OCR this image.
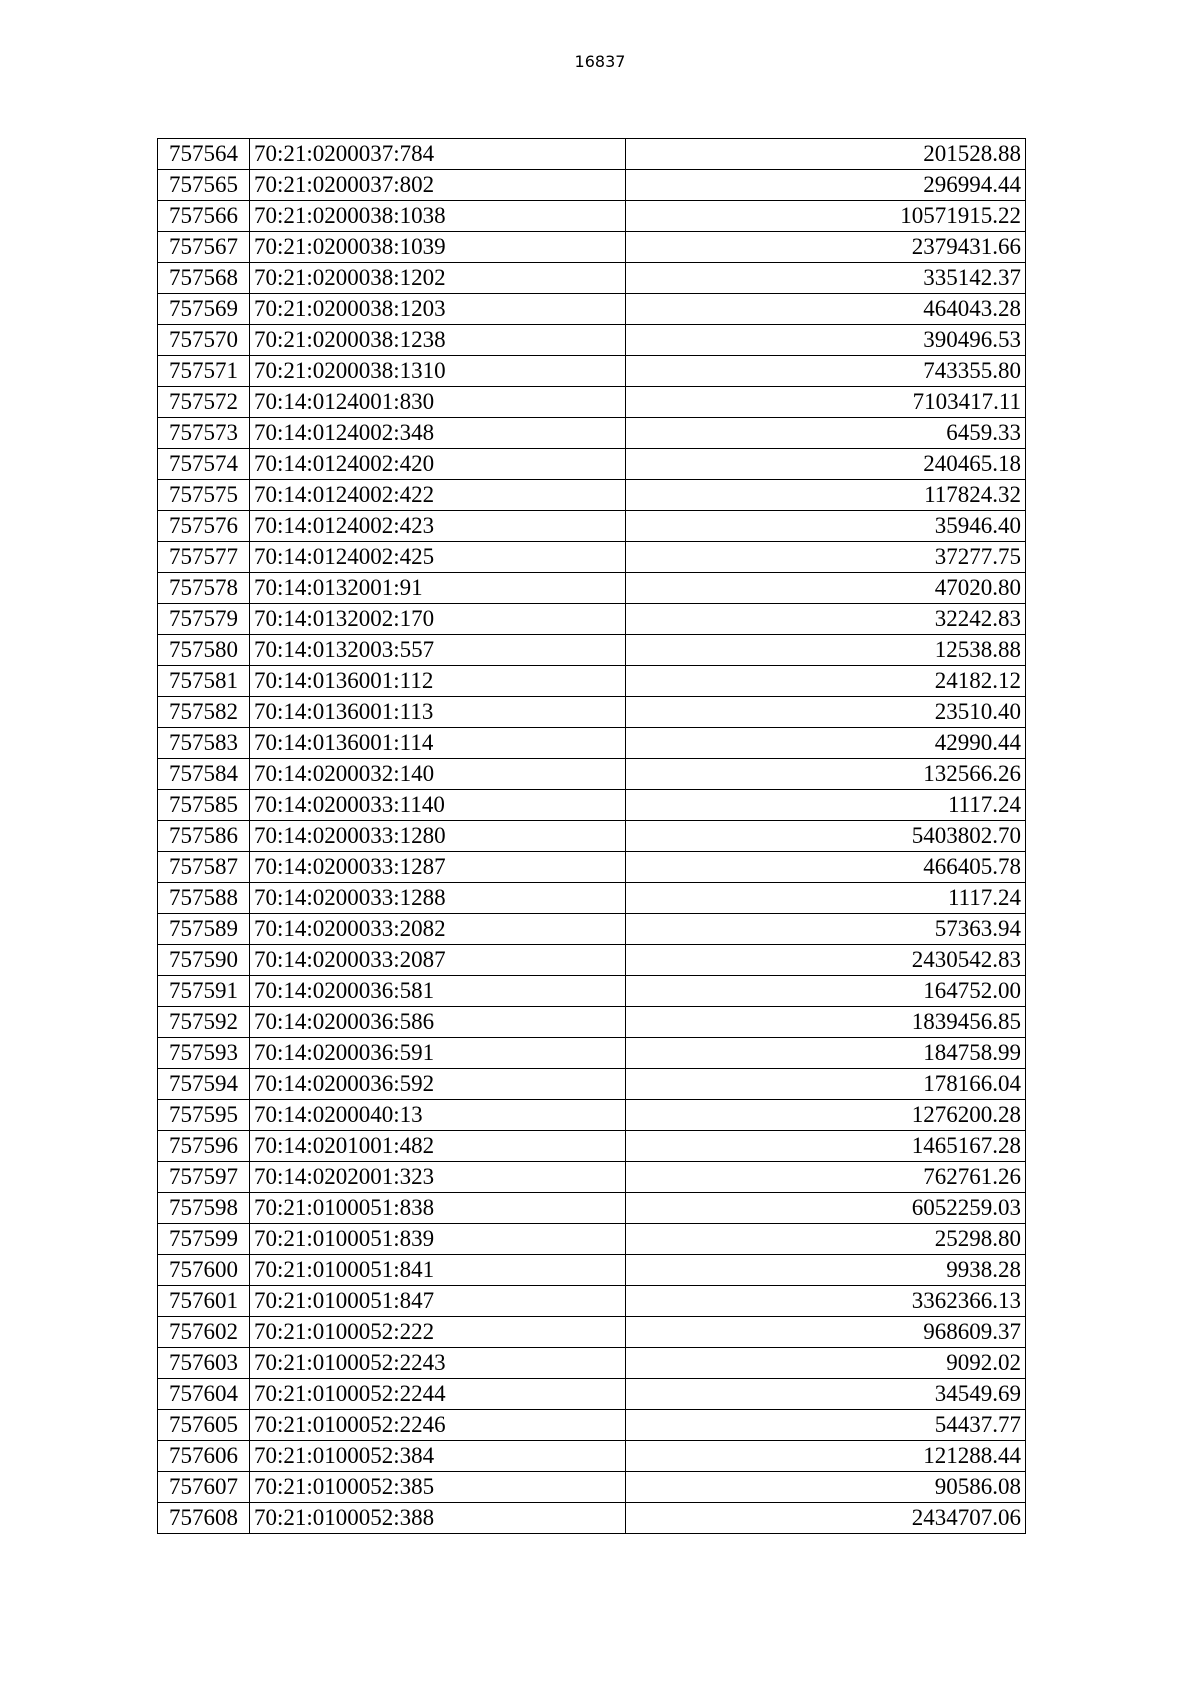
16837
757564	70:21:0200037:784	201528.88
757565	70:21:0200037:802	296994.44
757566	70:21:0200038:1038	10571915.22
757567	70:21:0200038:1039	2379431.66
757568	70:21:0200038:1202	335142.37
757569	70:21:0200038:1203	464043.28
757570	70:21:0200038:1238	390496.53
757571	70:21:0200038:1310	743355.80
757572	70:14:0124001:830	7103417.11
757573	70:14:0124002:348	6459.33
757574	70:14:0124002:420	240465.18
757575	70:14:0124002:422	117824.32
757576	70:14:0124002:423	35946.40
757577	70:14:0124002:425	37277.75
757578	70:14:0132001:91	47020.80
757579	70:14:0132002:170	32242.83
757580	70:14:0132003:557	12538.88
757581	70:14:0136001:112	24182.12
757582	70:14:0136001:113	23510.40
757583	70:14:0136001:114	42990.44
757584	70:14:0200032:140	132566.26
757585	70:14:0200033:1140	1117.24
757586	70:14:0200033:1280	5403802.70
757587	70:14:0200033:1287	466405.78
757588	70:14:0200033:1288	1117.24
757589	70:14:0200033:2082	57363.94
757590	70:14:0200033:2087	2430542.83
757591	70:14:0200036:581	164752.00
757592	70:14:0200036:586	1839456.85
757593	70:14:0200036:591	184758.99
757594	70:14:0200036:592	178166.04
757595	70:14:0200040:13	1276200.28
757596	70:14:0201001:482	1465167.28
757597	70:14:0202001:323	762761.26
757598	70:21:0100051:838	6052259.03
757599	70:21:0100051:839	25298.80
757600	70:21:0100051:841	9938.28
757601	70:21:0100051:847	3362366.13
757602	70:21:0100052:222	968609.37
757603	70:21:0100052:2243	9092.02
757604	70:21:0100052:2244	34549.69
757605	70:21:0100052:2246	54437.77
757606	70:21:0100052:384	121288.44
757607	70:21:0100052:385	90586.08
757608	70:21:0100052:388	2434707.06
